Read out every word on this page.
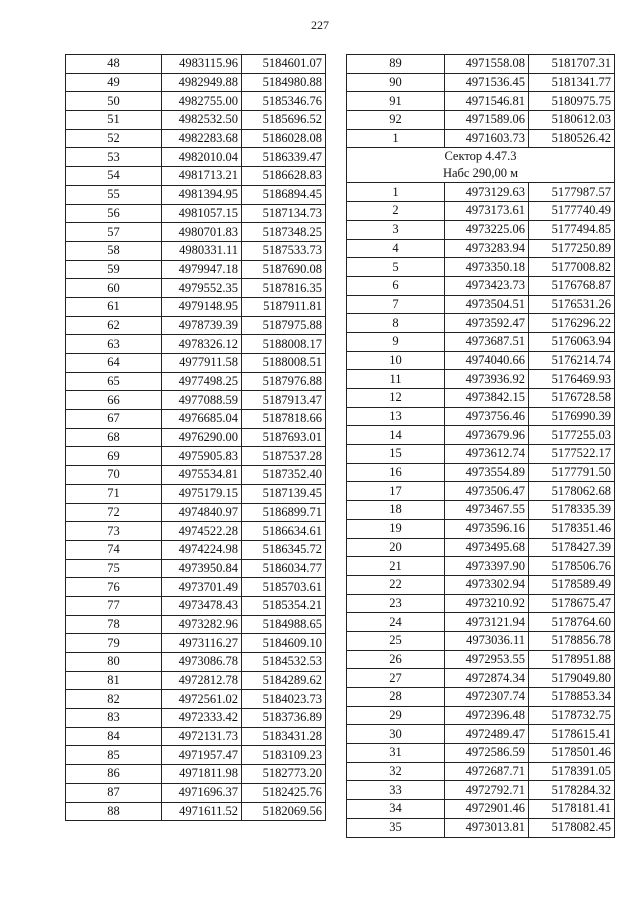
227
48	4983115.96	5184601.07
49	4982949.88	5184980.88
50	4982755.00	5185346.76
51	4982532.50	5185696.52
52	4982283.68	5186028.08
53	4982010.04	5186339.47
54	4981713.21	5186628.83
55	4981394.95	5186894.45
56	4981057.15	5187134.73
57	4980701.83	5187348.25
58	4980331.11	5187533.73
59	4979947.18	5187690.08
60	4979552.35	5187816.35
61	4979148.95	5187911.81
62	4978739.39	5187975.88
63	4978326.12	5188008.17
64	4977911.58	5188008.51
65	4977498.25	5187976.88
66	4977088.59	5187913.47
67	4976685.04	5187818.66
68	4976290.00	5187693.01
69	4975905.83	5187537.28
70	4975534.81	5187352.40
71	4975179.15	5187139.45
72	4974840.97	5186899.71
73	4974522.28	5186634.61
74	4974224.98	5186345.72
75	4973950.84	5186034.77
76	4973701.49	5185703.61
77	4973478.43	5185354.21
78	4973282.96	5184988.65
79	4973116.27	5184609.10
80	4973086.78	5184532.53
81	4972812.78	5184289.62
82	4972561.02	5184023.73
83	4972333.42	5183736.89
84	4972131.73	5183431.28
85	4971957.47	5183109.23
86	4971811.98	5182773.20
87	4971696.37	5182425.76
88	4971611.52	5182069.56
89	4971558.08	5181707.31
90	4971536.45	5181341.77
91	4971546.81	5180975.75
92	4971589.06	5180612.03
1	4971603.73	5180526.42

Сектор 4.47.3
Набс 290,00 м		

1	4973129.63	5177987.57
2	4973173.61	5177740.49
3	4973225.06	5177494.85
4	4973283.94	5177250.89
5	4973350.18	5177008.82
6	4973423.73	5176768.87
7	4973504.51	5176531.26
8	4973592.47	5176296.22
9	4973687.51	5176063.94
10	4974040.66	5176214.74
11	4973936.92	5176469.93
12	4973842.15	5176728.58
13	4973756.46	5176990.39
14	4973679.96	5177255.03
15	4973612.74	5177522.17
16	4973554.89	5177791.50
17	4973506.47	5178062.68
18	4973467.55	5178335.39
19	4973596.16	5178351.46
20	4973495.68	5178427.39
21	4973397.90	5178506.76
22	4973302.94	5178589.49
23	4973210.92	5178675.47
24	4973121.94	5178764.60
25	4973036.11	5178856.78
26	4972953.55	5178951.88
27	4972874.34	5179049.80
28	4972307.74	5178853.34
29	4972396.48	5178732.75
30	4972489.47	5178615.41
31	4972586.59	5178501.46
32	4972687.71	5178391.05
33	4972792.71	5178284.32
34	4972901.46	5178181.41
35	4973013.81	5178082.45
